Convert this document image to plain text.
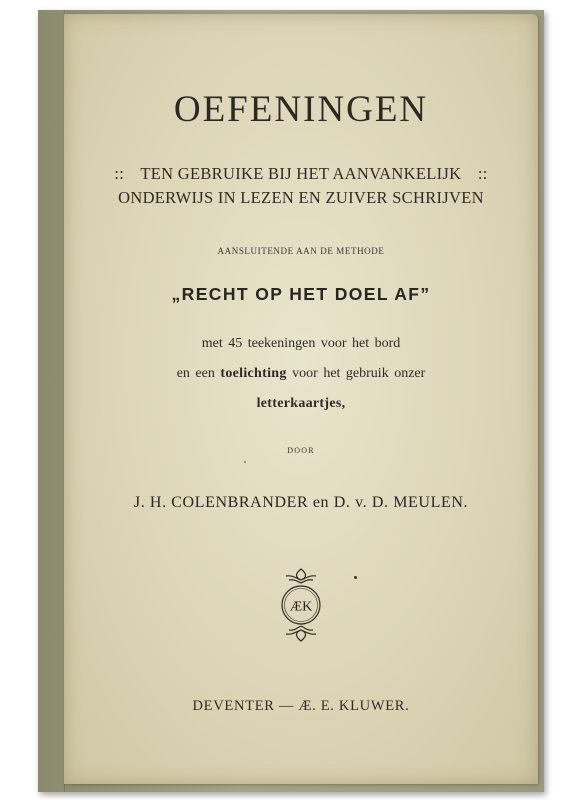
OEFENINGEN
:: TEN GEBRUIKE BIJ HET AANVANKELIJK ::
ONDERWIJS IN LEZEN EN ZUIVER SCHRIJVEN
AANSLUITENDE AAN DE METHODE
„RECHT OP HET DOEL AF”
met 45 teekeningen voor het bord
en een toelichting voor het gebruik onzer
letterkaartjes,
DOOR
J. H. COLENBRANDER en D. v. D. MEULEN.
ÆK
DEVENTER — Æ. E. KLUWER.
